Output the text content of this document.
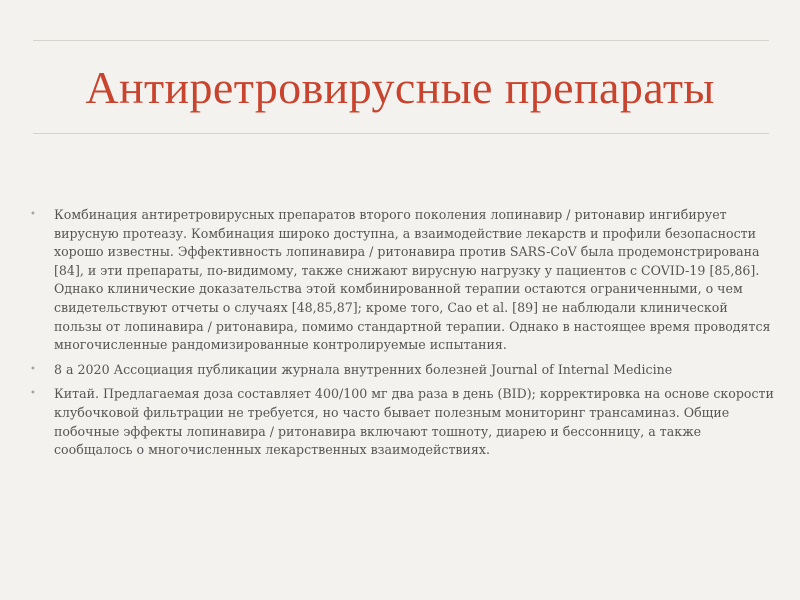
Антиретровирусные препараты
• Комбинация антиретровирусных препаратов второго поколения лопинавир / ритонавир ингибирует вирусную протеазу. Комбинация широко доступна, а взаимодействие лекарств и профили безопасности хорошо известны. Эффективность лопинавира / ритонавира против SARS-CoV была продемонстрирована [84], и эти препараты, по-видимому, также снижают вирусную нагрузку у пациентов с COVID-19 [85,86]. Однако клинические доказательства этой комбинированной терапии остаются ограниченными, о чем свидетельствуют отчеты о случаях [48,85,87]; кроме того, Cao et al. [89] не наблюдали клинической пользы от лопинавира / ритонавира, помимо стандартной терапии. Однако в настоящее время проводятся многочисленные рандомизированные контролируемые испытания.
• 8 а 2020 Ассоциация публикации журнала внутренних болезней Journal of Internal Medicine
• Китай. Предлагаемая доза составляет 400/100 мг два раза в день (BID); корректировка на основе скорости клубочковой фильтрации не требуется, но часто бывает полезным мониторинг трансаминаз. Общие побочные эффекты лопинавира / ритонавира включают тошноту, диарею и бессонницу, а также сообщалось о многочисленных лекарственных взаимодействиях.
